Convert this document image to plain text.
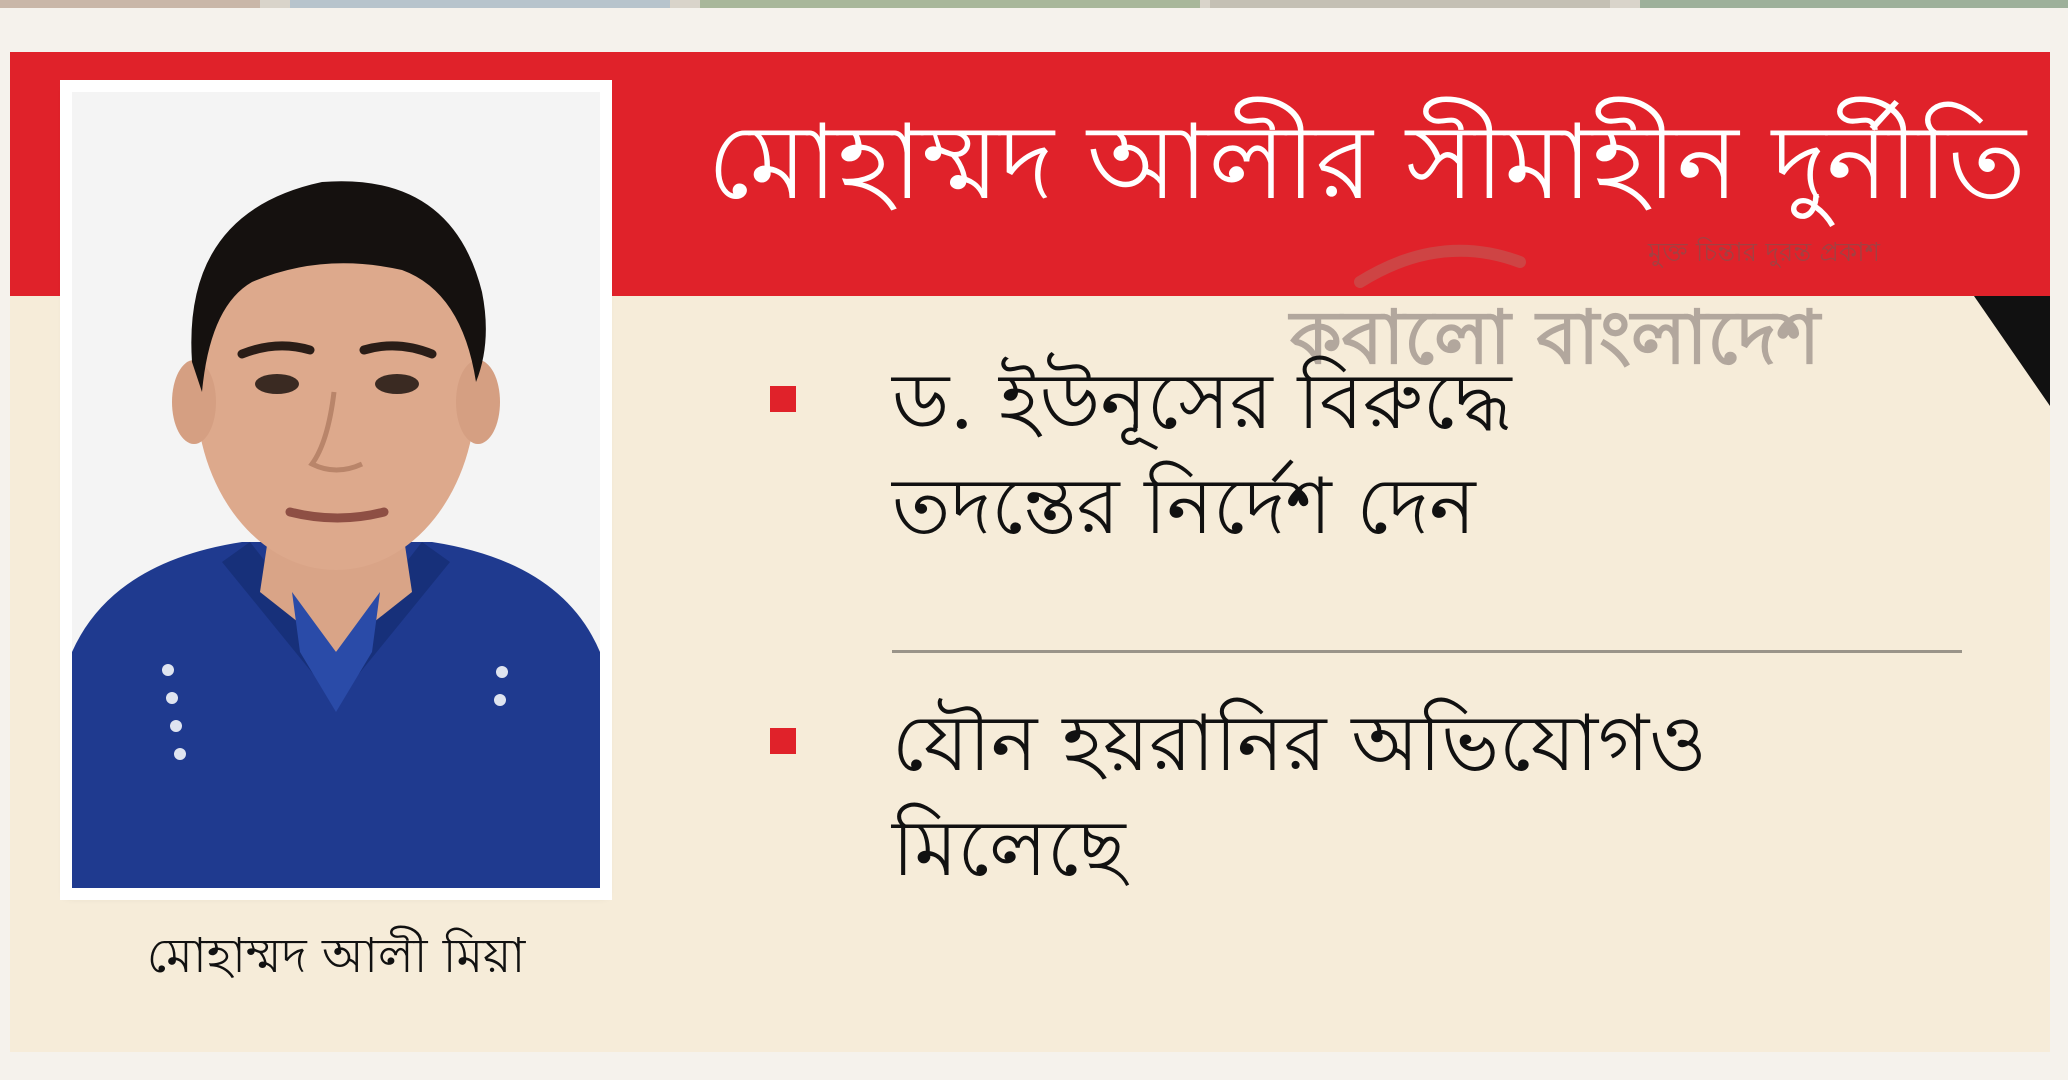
মোহাম্মদ আলীর সীমাহীন দুর্নীতি
মোহাম্মদ আলী মিয়া
মুক্ত চিন্তার দুরন্ত প্রকাশ
কবালো বাংলাদেশ
ড. ইউনূসের বিরুদ্ধে
তদন্তের নির্দেশ দেন
যৌন হয়রানির অভিযোগও
মিলেছে
